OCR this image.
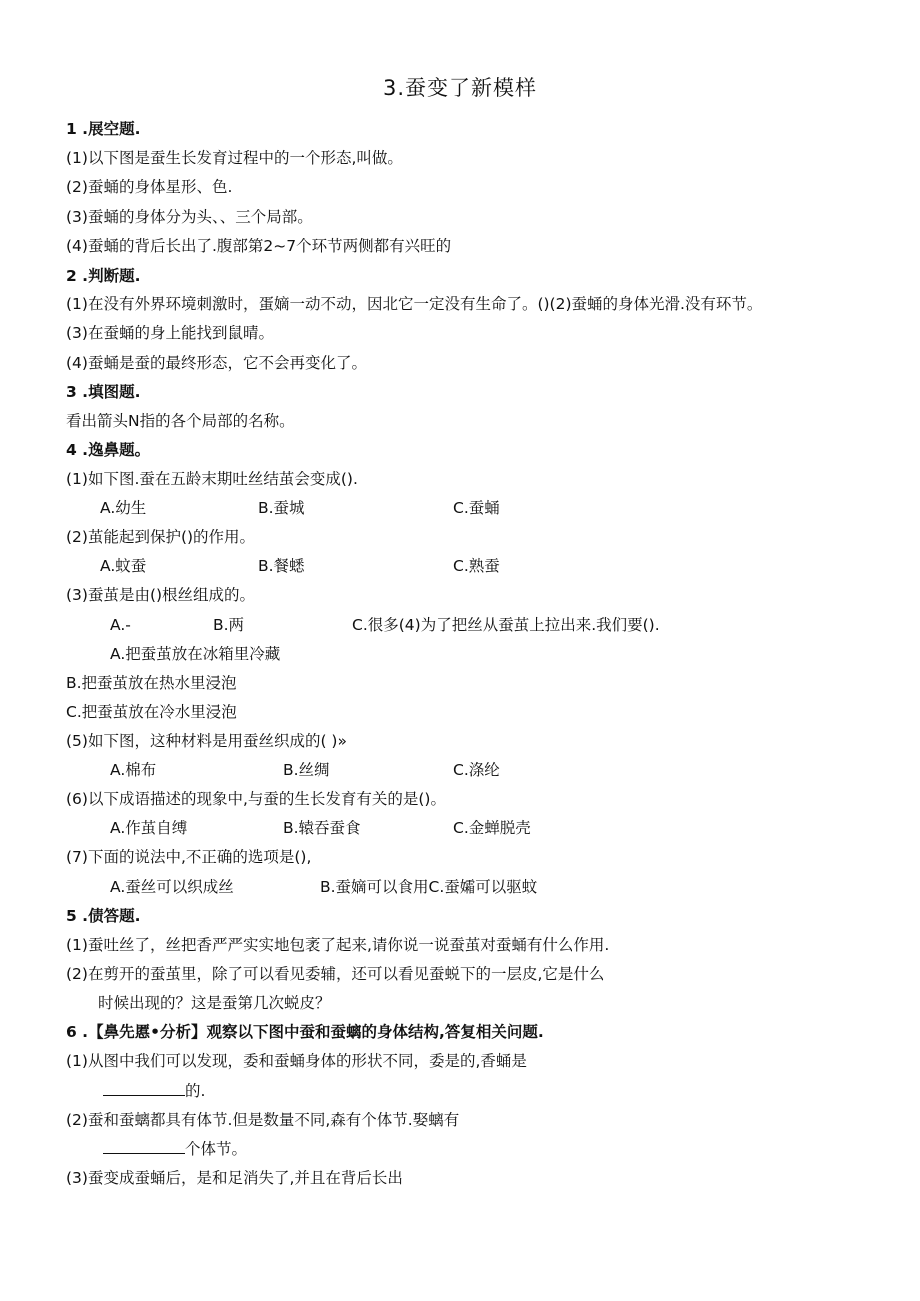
3.蚕变了新模样
1 .展空题.
(1)以下图是蚕生长发育过程中的一个形态,叫做。
(2)蚕蛹的身体星形、色.
(3)蚕蛹的身体分为头、、三个局部。
(4)蚕蛹的背后长出了.腹部第2~7个环节两侧都有兴旺的
2 .判断题.
(1)在没有外界环境刺激时，蛋嫡一动不动，因北它一定没有生命了。()(2)蚕蛹的身体光滑.没有环节。
(3)在蚕蛹的身上能找到鼠晴。
(4)蚕蛹是蚕的最终形态，它不会再变化了。
3 .填图题.
看出箭头N指的各个局部的名称。
4 .逸鼻题。
(1)如下图.蚕在五龄末期吐丝结茧会变成().
A.幼生	B.蚕城	C.蚕蛹
(2)茧能起到保护()的作用。
A.蚊蚕	B.餐蟋	C.熟蚕
(3)蚕茧是由()根丝组成的。
A.-	B.两	C.很多(4)为了把丝从蚕茧上拉出来.我们要().
A.把蚕茧放在冰箱里冷藏
B.把蚕茧放在热水里浸泡
C.把蚕茧放在冷水里浸泡
(5)如下图，这种材料是用蚕丝织成的( )»
A.棉布	B.丝绸	C.涤纶
(6)以下成语描述的现象中,与蚕的生长发育有关的是()。
A.作茧自缚	B.辕吞蚕食	C.金蝉脱壳
(7)下面的说法中,不正确的选项是(),
A.蚕丝可以织成丝	B.蚕嫡可以食用C.蚕孀可以驱蚊
5 .债答题.
(1)蚕吐丝了，丝把香严严实实地包袤了起来,请你说一说蚕茧对蚕蛹有什么作用.
(2)在剪开的蚕茧里，除了可以看见委辅，还可以看见蚕蜕下的一层皮,它是什么
时候出现的？这是蚕第几次蜕皮？
6 .【鼻先慝•分析】观察以下图中蚕和蚕螭的身体结构,答复相关问题.
(1)从图中我们可以发现，委和蚕蛹身体的形状不同，委是的,香蛹是
的.
(2)蚕和蚕螭都具有体节.但是数量不同,森有个体节.娶螭有
个体节。
(3)蚕变成蚕蛹后，是和足消失了,并且在背后长出
